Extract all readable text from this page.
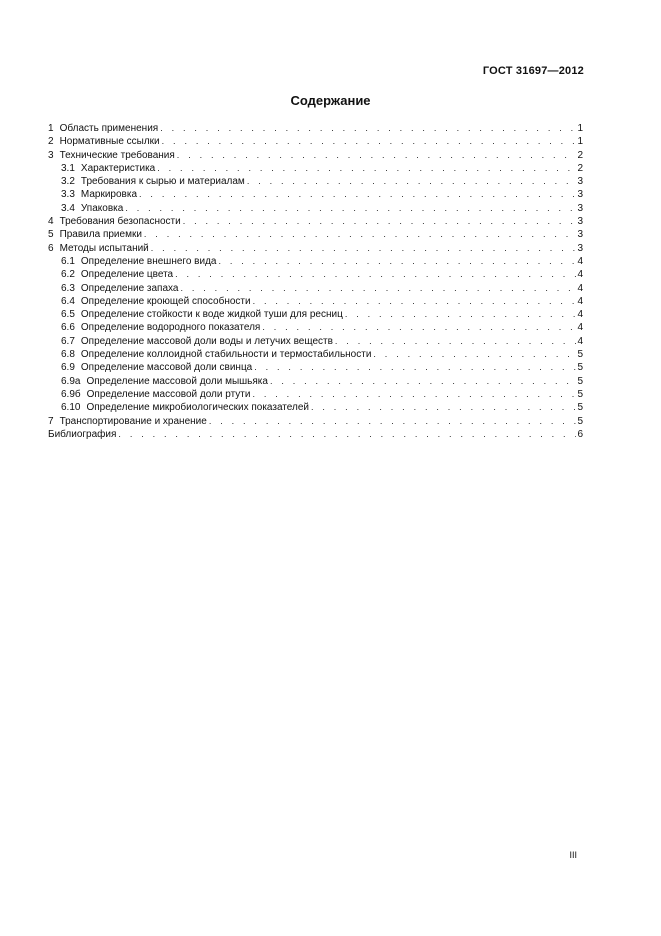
ГОСТ 31697—2012
Содержание
1 Область применения . . .	1
2 Нормативные ссылки . . .	1
3 Технические требования . . .	2
3.1 Характеристика . . .	2
3.2 Требования к сырью и материалам . . .	3
3.3 Маркировка . . .	3
3.4 Упаковка . . .	3
4 Требования безопасности . . .	3
5 Правила приемки . . .	3
6 Методы испытаний . . .	3
6.1 Определение внешнего вида . . .	4
6.2 Определение цвета . . .	4
6.3 Определение запаха . . .	4
6.4 Определение кроющей способности . . .	4
6.5 Определение стойкости к воде жидкой туши для ресниц . . .	4
6.6 Определение водородного показателя . . .	4
6.7 Определение массовой доли воды и летучих веществ . . .	4
6.8 Определение коллоидной стабильности и термостабильности . . .	5
6.9 Определение массовой доли свинца . . .	5
6.9а Определение массовой доли мышьяка . . .	5
6.9б Определение массовой доли ртути . . .	5
6.10 Определение микробиологических показателей . . .	5
7 Транспортирование и хранение . . .	5
Библиография . . .	6
III
